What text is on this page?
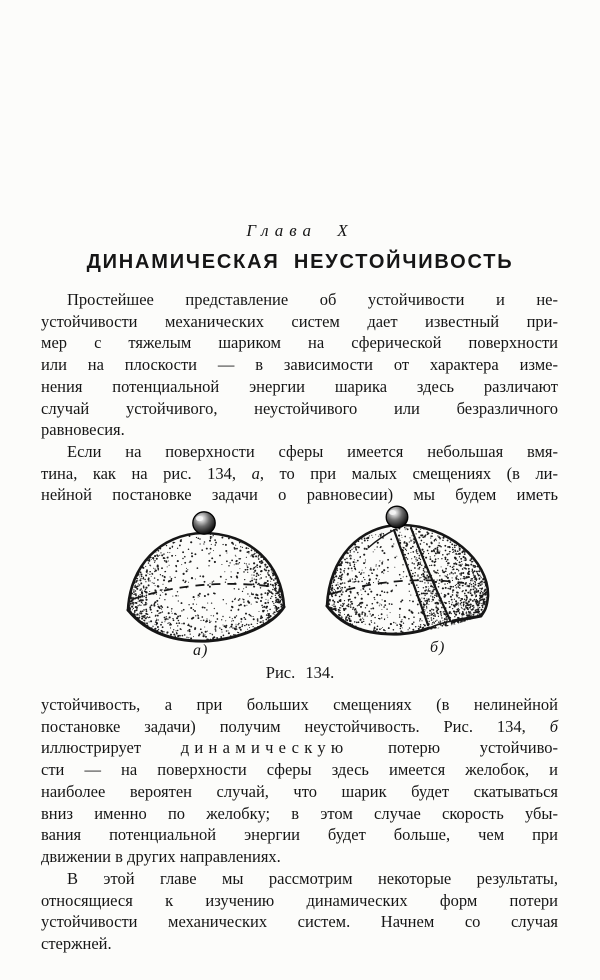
Глава X
ДИНАМИЧЕСКАЯ НЕУСТОЙЧИВОСТЬ
Простейшее представление об устойчивости и не-
устойчивости механических систем дает известный при-
мер с тяжелым шариком на сферической поверхности
или на плоскости — в зависимости от характера изме-
нения потенциальной энергии шарика здесь различают
случай устойчивого, неустойчивого или безразличного
равновесия.
Если на поверхности сферы имеется небольшая вмя-
тина, как на рис. 134, а, то при малых смещениях (в ли-
нейной постановке задачи о равновесии) мы будем иметь
а)	б)
Рис. 134.
устойчивость, а при больших смещениях (в нелинейной
постановке задачи) получим неустойчивость. Рис. 134, б
иллюстрирует динамическую потерю устойчиво-
сти — на поверхности сферы здесь имеется желобок, и
наиболее вероятен случай, что шарик будет скатываться
вниз именно по желобку; в этом случае скорость убы-
вания потенциальной энергии будет больше, чем при
движении в других направлениях.
В этой главе мы рассмотрим некоторые результаты,
относящиеся к изучению динамических форм потери
устойчивости механических систем. Начнем со случая
стержней.
